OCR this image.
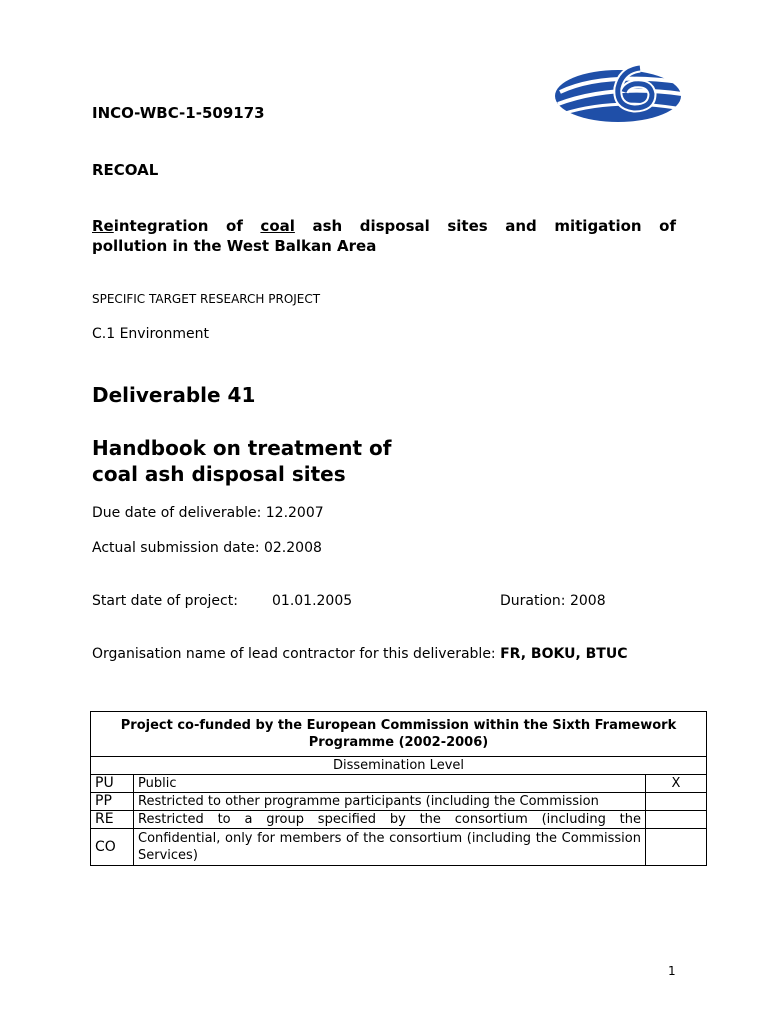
INCO-WBC-1-509173
RECOAL
Reintegration of coal ash disposal sites and mitigation of
pollution in the West Balkan Area
SPECIFIC TARGET RESEARCH PROJECT
C.1 Environment
Deliverable 41
Handbook on treatment of
coal ash disposal sites
Due date of deliverable: 12.2007
Actual submission date: 02.2008
Start date of project: 01.01.2005	Duration: 2008
Organisation name of lead contractor for this deliverable: FR, BOKU, BTUC
Project co-funded by the European Commission within the Sixth Framework Programme (2002-2006)		
Dissemination Level		
PU	Public	X
PP	Restricted to other programme participants (including the Commission	
RE	Restricted to a group specified by the consortium (including the	
CO	Confidential, only for members of the consortium (including the Commission Services)	
1
